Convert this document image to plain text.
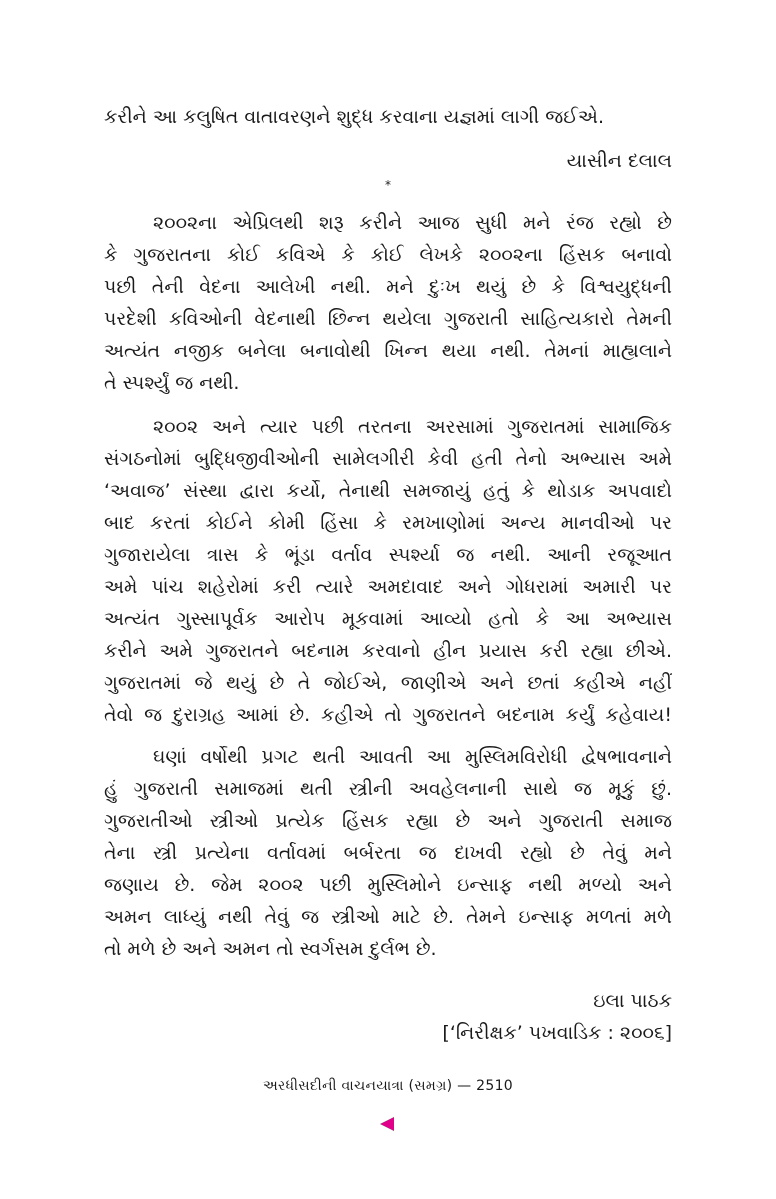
કરીને આ કલુષિત વાતાવરણને શુદ્ધ કરવાના યજ્ઞમાં લાગી જઈએ.
યાસીન દલાલ
*
૨૦૦૨ના એપ્રિલથી શરૂ કરીને આજ સુધી મને રંજ રહ્યો છે
કે ગુજરાતના કોઈ કવિએ કે કોઈ લેખકે ૨૦૦૨ના હિંસક બનાવો
પછી તેની વેદના આલેખી નથી. મને દુઃખ થયું છે કે વિશ્વયુદ્ધની
પરદેશી કવિઓની વેદનાથી છિન્ન થયેલા ગુજરાતી સાહિત્યકારો તેમની
અત્યંત નજીક બનેલા બનાવોથી ખિન્ન થયા નથી. તેમનાં માહ્યલાને
તે સ્પર્શ્યું જ નથી.
૨૦૦૨ અને ત્યાર પછી તરતના અરસામાં ગુજરાતમાં સામાજિક
સંગઠનોમાં બુદ્ધિજીવીઓની સામેલગીરી કેવી હતી તેનો અભ્યાસ અમે
‘અવાજ’ સંસ્થા દ્વારા કર્યો, તેનાથી સમજાયું હતું કે થોડાક અપવાદો
બાદ કરતાં કોઈને કોમી હિંસા કે રમખાણોમાં અન્ય માનવીઓ પર
ગુજારાયેલા ત્રાસ કે ભૂંડા વર્તાવ સ્પર્શ્યા જ નથી. આની રજૂઆત
અમે પાંચ શહેરોમાં કરી ત્યારે અમદાવાદ અને ગોધરામાં અમારી પર
અત્યંત ગુસ્સાપૂર્વક આરોપ મૂકવામાં આવ્યો હતો કે આ અભ્યાસ
કરીને અમે ગુજરાતને બદનામ કરવાનો હીન પ્રયાસ કરી રહ્યા છીએ.
ગુજરાતમાં જે થયું છે તે જોઈએ, જાણીએ અને છતાં કહીએ નહીં
તેવો જ દુરાગ્રહ આમાં છે. કહીએ તો ગુજરાતને બદનામ કર્યું કહેવાય!
ઘણાં વર્ષોથી પ્રગટ થતી આવતી આ મુસ્લિમવિરોધી દ્વેષભાવનાને
હું ગુજરાતી સમાજમાં થતી સ્ત્રીની અવહેલનાની સાથે જ મૂકું છું.
ગુજરાતીઓ સ્ત્રીઓ પ્રત્યેક હિંસક રહ્યા છે અને ગુજરાતી સમાજ
તેના સ્ત્રી પ્રત્યેના વર્તાવમાં બર્બરતા જ દાખવી રહ્યો છે તેવું મને
જણાય છે. જેમ ૨૦૦૨ પછી મુસ્લિમોને ઇન્સાફ નથી મળ્યો અને
અમન લાધ્યું નથી તેવું જ સ્ત્રીઓ માટે છે. તેમને ઇન્સાફ મળતાં મળે
તો મળે છે અને અમન તો સ્વર્ગસમ દુર્લભ છે.
ઇલા પાઠક
[‘નિરીક્ષક’ પખવાડિક : ૨૦૦૬]
અરધીસદીની વાચનયાત્રા (સમગ્ર) — 2510
